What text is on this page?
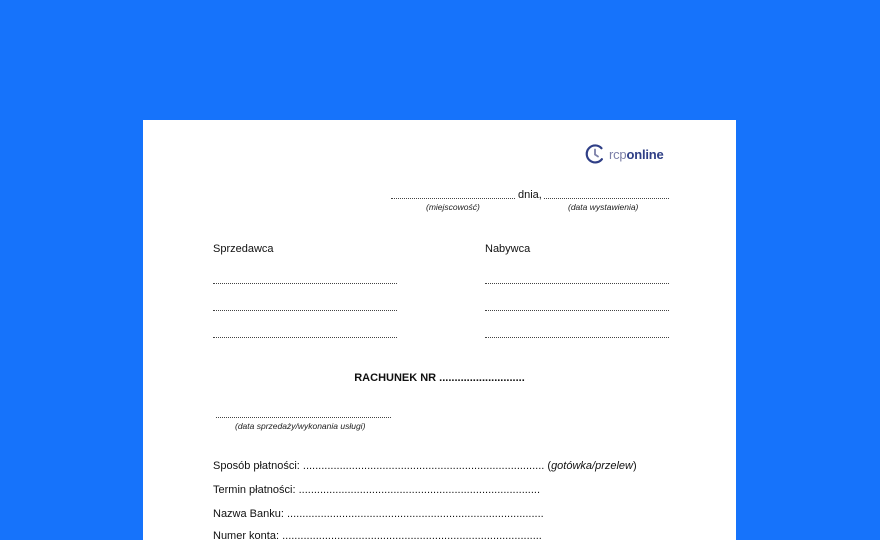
rcponline
dnia,
(miejscowość)	(data wystawienia)
Sprzedawca	Nabywca
RACHUNEK NR ............................
(data sprzedaży/wykonania usługi)
Sposób płatności: ............................................................................... (gotówka/przelew)
Termin płatności: ...............................................................................
Nazwa Banku: ....................................................................................
Numer konta: .....................................................................................
